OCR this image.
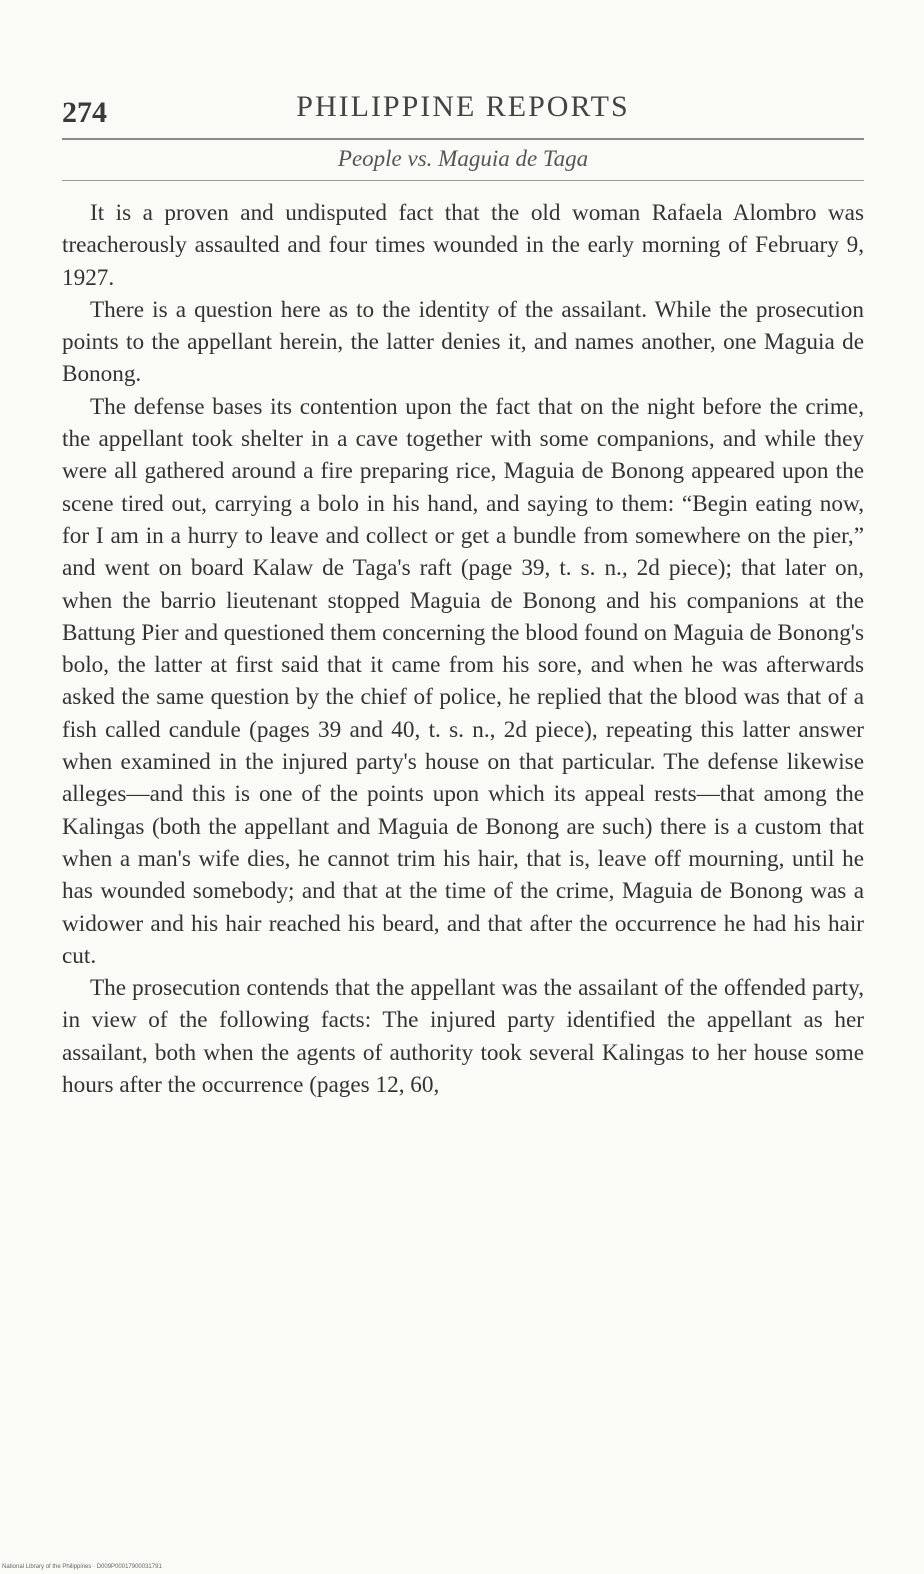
274	PHILIPPINE REPORTS
People vs. Maguia de Taga

It is a proven and undisputed fact that the old woman Rafaela Alombro was treacherously assaulted and four times wounded in the early morning of February 9, 1927.

There is a question here as to the identity of the assailant. While the prosecution points to the appellant herein, the latter denies it, and names another, one Maguia de Bonong.

The defense bases its contention upon the fact that on the night before the crime, the appellant took shelter in a cave together with some companions, and while they were all gathered around a fire preparing rice, Maguia de Bonong appeared upon the scene tired out, carrying a bolo in his hand, and saying to them: “Begin eating now, for I am in a hurry to leave and collect or get a bundle from somewhere on the pier,” and went on board Kalaw de Taga's raft (page 39, t. s. n., 2d piece); that later on, when the barrio lieutenant stopped Maguia de Bonong and his companions at the Battung Pier and questioned them concerning the blood found on Maguia de Bonong's bolo, the latter at first said that it came from his sore, and when he was afterwards asked the same question by the chief of police, he replied that the blood was that of a fish called candule (pages 39 and 40, t. s. n., 2d piece), repeating this latter answer when examined in the injured party's house on that particular. The defense likewise alleges—and this is one of the points upon which its appeal rests—that among the Kalingas (both the appellant and Maguia de Bonong are such) there is a custom that when a man's wife dies, he cannot trim his hair, that is, leave off mourning, until he has wounded somebody; and that at the time of the crime, Maguia de Bonong was a widower and his hair reached his beard, and that after the occurrence he had his hair cut.

The prosecution contends that the appellant was the assailant of the offended party, in view of the following facts: The injured party identified the appellant as her assailant, both when the agents of authority took several Kalingas to her house some hours after the occurrence (pages 12, 60,

National Library of the Philippines · D009P00017900031791
